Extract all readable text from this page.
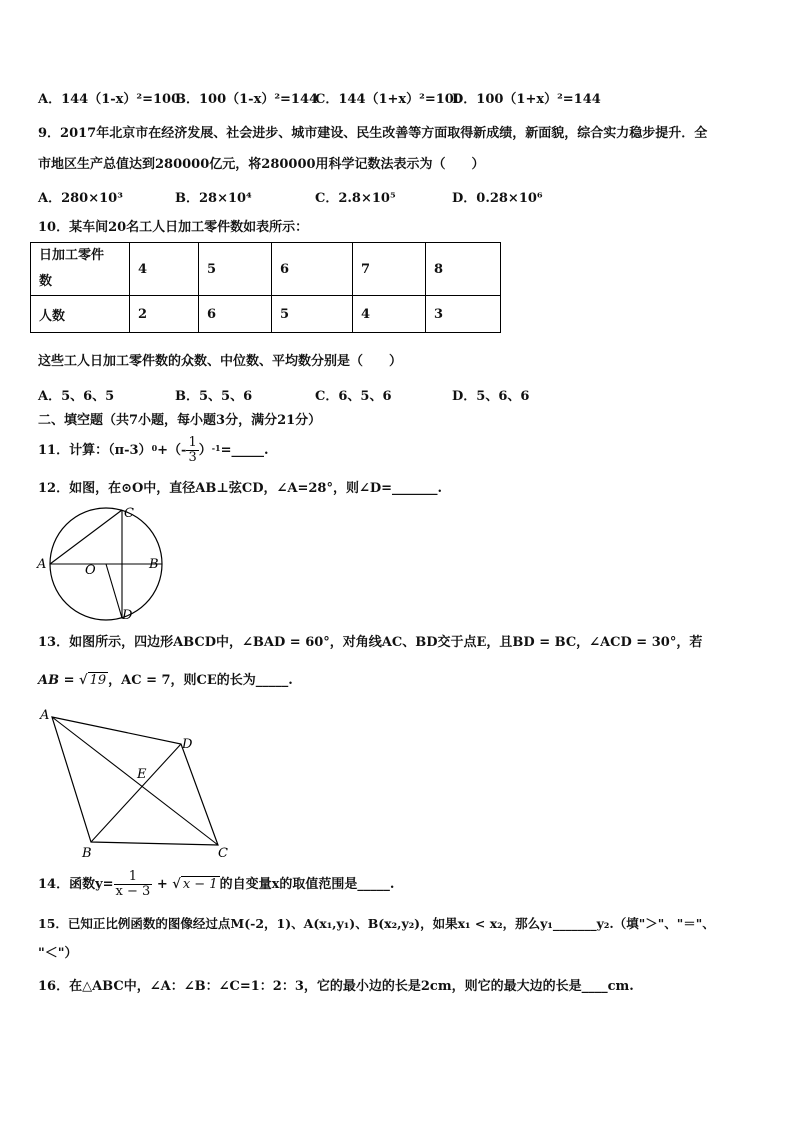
A．144（1-x）²=100
B．100（1-x）²=144
C．144（1+x）²=100
D．100（1+x）²=144
9．2017年北京市在经济发展、社会进步、城市建设、民生改善等方面取得新成绩，新面貌，综合实力稳步提升．全
市地区生产总值达到280000亿元，将280000用科学记数法表示为（　　）
A．280×10³	B．28×10⁴	C．2.8×10⁵	D．0.28×10⁶
10．某车间20名工人日加工零件数如表所示：
日加工零件
数	4	5	6	7	8
人数	2	6	5	4	3
这些工人日加工零件数的众数、中位数、平均数分别是（　　）
A．5、6、5	B．5、5、6	C．6、5、6	D．5、6、6
二、填空题（共7小题，每小题3分，满分21分）
11．计算：$(\pi-3)^0+(- \frac{1}{3}$ ）$^{-1}$=_____.
12．如图，在⊙O中，直径AB⊥弦CD，∠A=28°，则∠D=_______.
A	B
C
D
O
13．如图所示，四边形ABCD中，∠BAD = 60°，对角线AC、BD交于点E，且BD = BC，∠ACD = 30°，若
AB = √ 19 ，AC = 7，则CE的长为_____.
A
D
C
B
E
14．函数$y= \frac{1}{x - 3}$ + √ x − 1 的自变量x的取值范围是_____.
15．已知正比例函数的图像经过点M(-2，1)、A(x₁,y₁)、B(x₂,y₂)，如果x₁ < x₂，那么y₁_______y₂.（填"＞"、"＝"、
"＜"）
16．在△ABC中，∠A：∠B：∠C=1：2：3，它的最小边的长是2cm，则它的最大边的长是____cm.
